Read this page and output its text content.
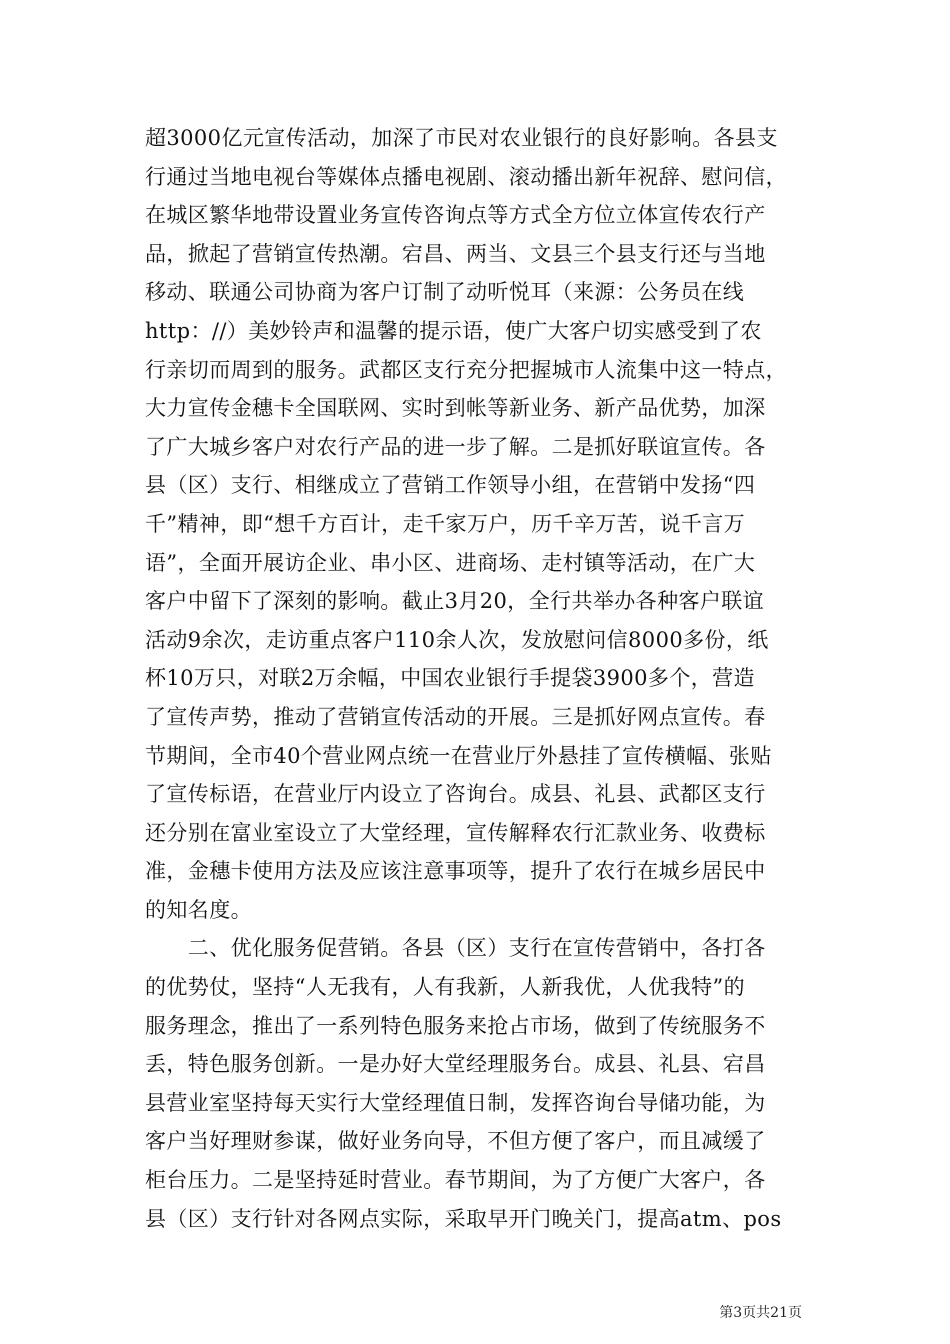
超3000亿元宣传活动，加深了市民对农业银行的良好影响。各县支
行通过当地电视台等媒体点播电视剧、滚动播出新年祝辞、慰问信，
在城区繁华地带设置业务宣传咨询点等方式全方位立体宣传农行产
品，掀起了营销宣传热潮。宕昌、两当、文县三个县支行还与当地
移动、联通公司协商为客户订制了动听悦耳（来源：公务员在线
http：//）美妙铃声和温馨的提示语，使广大客户切实感受到了农
行亲切而周到的服务。武都区支行充分把握城市人流集中这一特点，
大力宣传金穗卡全国联网、实时到帐等新业务、新产品优势，加深
了广大城乡客户对农行产品的进一步了解。二是抓好联谊宣传。各
县（区）支行、相继成立了营销工作领导小组，在营销中发扬“四
千”精神，即“想千方百计，走千家万户，历千辛万苦，说千言万
语”，全面开展访企业、串小区、进商场、走村镇等活动，在广大
客户中留下了深刻的影响。截止3月20，全行共举办各种客户联谊
活动9余次，走访重点客户110余人次，发放慰问信8000多份，纸
杯10万只，对联2万余幅，中国农业银行手提袋3900多个，营造
了宣传声势，推动了营销宣传活动的开展。三是抓好网点宣传。春
节期间，全市40个营业网点统一在营业厅外悬挂了宣传横幅、张贴
了宣传标语，在营业厅内设立了咨询台。成县、礼县、武都区支行
还分别在富业室设立了大堂经理，宣传解释农行汇款业务、收费标
准，金穗卡使用方法及应该注意事项等，提升了农行在城乡居民中
的知名度。
　　二、优化服务促营销。各县（区）支行在宣传营销中，各打各
的优势仗，坚持“人无我有，人有我新，人新我优，人优我特”的
服务理念，推出了一系列特色服务来抢占市场，做到了传统服务不
丢，特色服务创新。一是办好大堂经理服务台。成县、礼县、宕昌
县营业室坚持每天实行大堂经理值日制，发挥咨询台导储功能，为
客户当好理财参谋，做好业务向导，不但方便了客户，而且减缓了
柜台压力。二是坚持延时营业。春节期间，为了方便广大客户，各
县（区）支行针对各网点实际，采取早开门晚关门，提高atm、pos
第3页共21页
